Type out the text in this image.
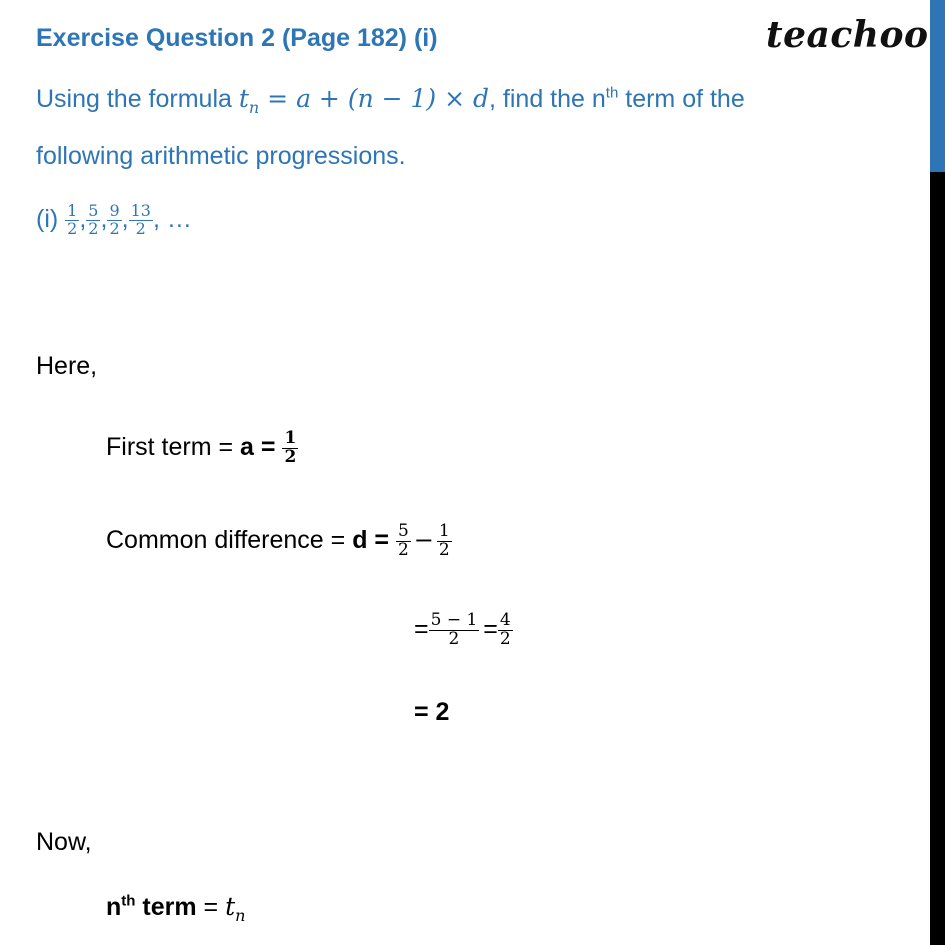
Exercise Question 2 (Page 182) (i)	teachoo
Using the formula $t_n = a + (n - 1) \times d$, find the $n^{th}$ term of the
following arithmetic progressions.
$(i) \frac{1}{2}$ , $\frac{5}{2}$ , $\frac{9}{2}$ , $\frac{13}{2}$ , …
Here,
First term = $a = \frac{1}{2}$
Common difference = $d = \frac{5}{2} - \frac{1}{2}$
= $\frac{5 - 1}{2} = \frac{4}{2}$
= 2
Now,
$n^{th}$ term = $t_n$
